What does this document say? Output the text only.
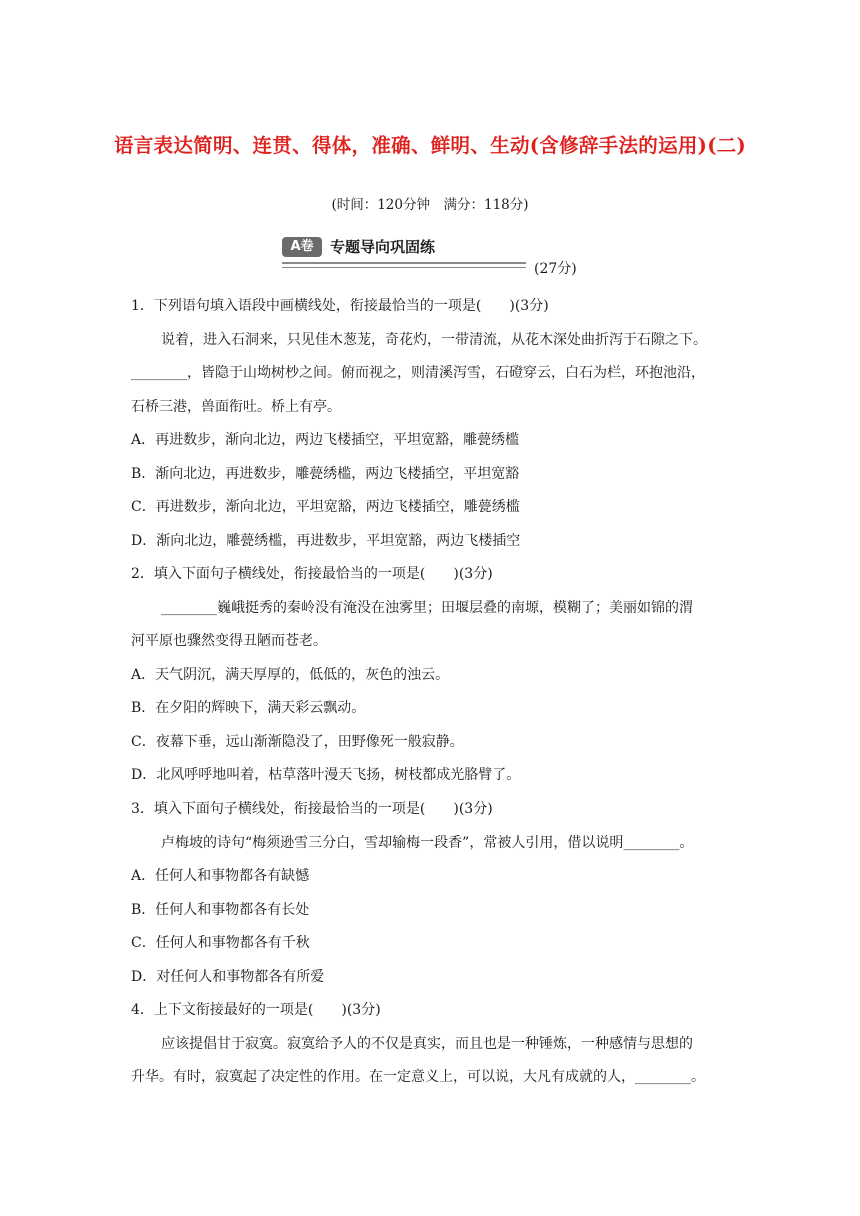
语言表达简明、连贯、得体，准确、鲜明、生动(含修辞手法的运用)(二)
(时间：120分钟　满分：118分)
A卷	专题导向巩固练
(27分)
1．下列语句填入语段中画横线处，衔接最恰当的一项是(　　)(3分)
说着，进入石洞来，只见佳木葱茏，奇花灼，一带清流，从花木深处曲折泻于石隙之下。
________，皆隐于山坳树杪之间。俯而视之，则清溪泻雪，石磴穿云，白石为栏，环抱池沿，
石桥三港，兽面衔吐。桥上有亭。
A．再进数步，渐向北边，两边飞楼插空，平坦宽豁，雕甍绣槛
B．渐向北边，再进数步，雕甍绣槛，两边飞楼插空，平坦宽豁
C．再进数步，渐向北边，平坦宽豁，两边飞楼插空，雕甍绣槛
D．渐向北边，雕甍绣槛，再进数步，平坦宽豁，两边飞楼插空
2．填入下面句子横线处，衔接最恰当的一项是(　　)(3分)
________巍峨挺秀的秦岭没有淹没在浊雾里；田堰层叠的南塬，模糊了；美丽如锦的渭
河平原也骤然变得丑陋而苍老。
A．天气阴沉，满天厚厚的，低低的，灰色的浊云。
B．在夕阳的辉映下，满天彩云飘动。
C．夜幕下垂，远山渐渐隐没了，田野像死一般寂静。
D．北风呼呼地叫着，枯草落叶漫天飞扬，树枝都成光胳臂了。
3．填入下面句子横线处，衔接最恰当的一项是(　　)(3分)
卢梅坡的诗句“梅须逊雪三分白，雪却输梅一段香”，常被人引用，借以说明________。
A．任何人和事物都各有缺憾
B．任何人和事物都各有长处
C．任何人和事物都各有千秋
D．对任何人和事物都各有所爱
4．上下文衔接最好的一项是(　　)(3分)
应该提倡甘于寂寞。寂寞给予人的不仅是真实，而且也是一种锤炼，一种感情与思想的
升华。有时，寂寞起了决定性的作用。在一定意义上，可以说，大凡有成就的人，________。
